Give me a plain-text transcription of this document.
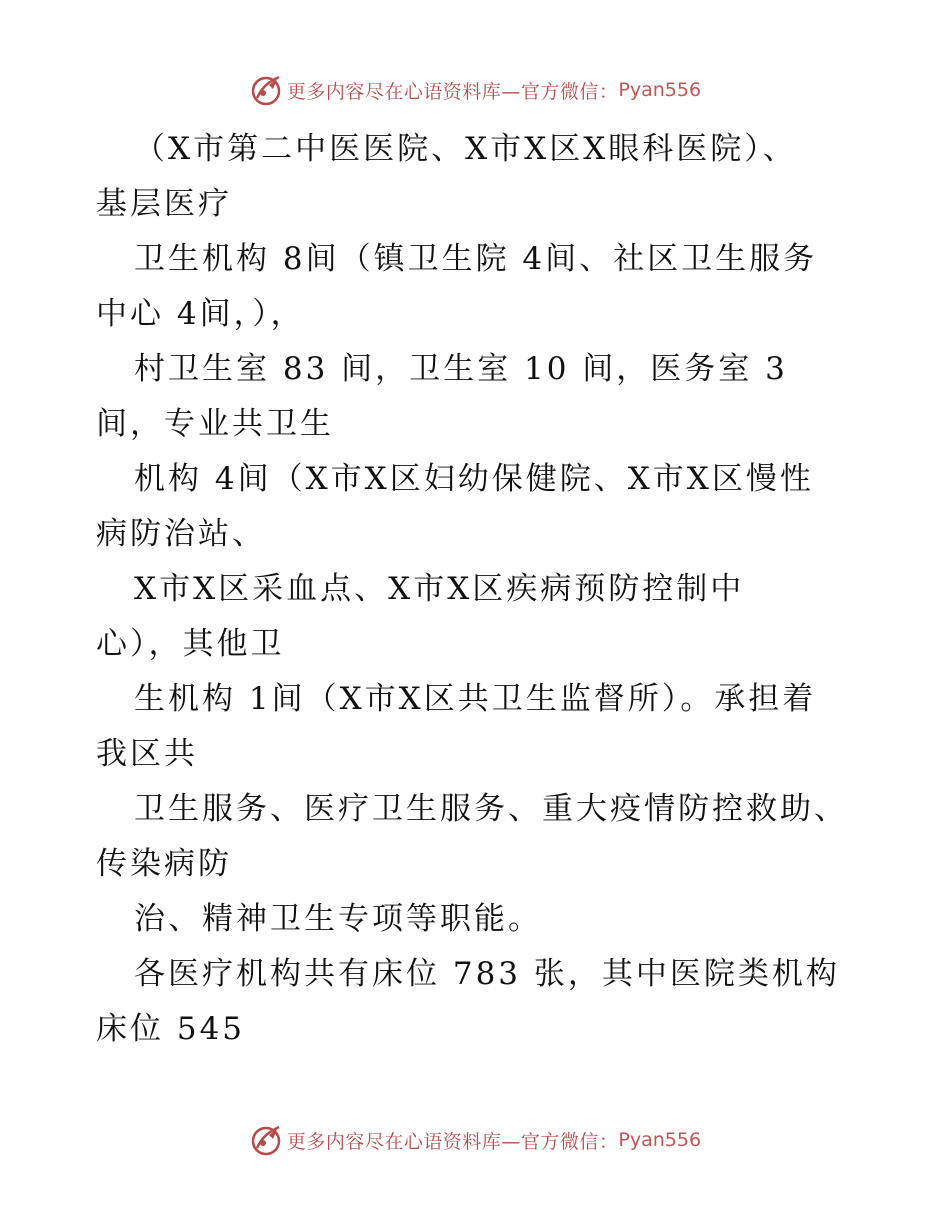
更多内容尽在心语资料库—官方微信： Pyan556
（X市第二中医医院、X市X区X眼科医院）、
基层医疗
卫生机构 8间（镇卫生院 4间、社区卫生服务
中心 4间，），
村卫生室 83 间，卫生室 10 间，医务室 3
间，专业共卫生
机构 4间（X市X区妇幼保健院、X市X区慢性
病防治站、
X市X区采血点、X市X区疾病预防控制中
心），其他卫
生机构 1间（X市X区共卫生监督所）。承担着
我区共
卫生服务、医疗卫生服务、重大疫情防控救助、
传染病防
治、精神卫生专项等职能。
各医疗机构共有床位 783 张，其中医院类机构
床位 545
更多内容尽在心语资料库—官方微信： Pyan556
